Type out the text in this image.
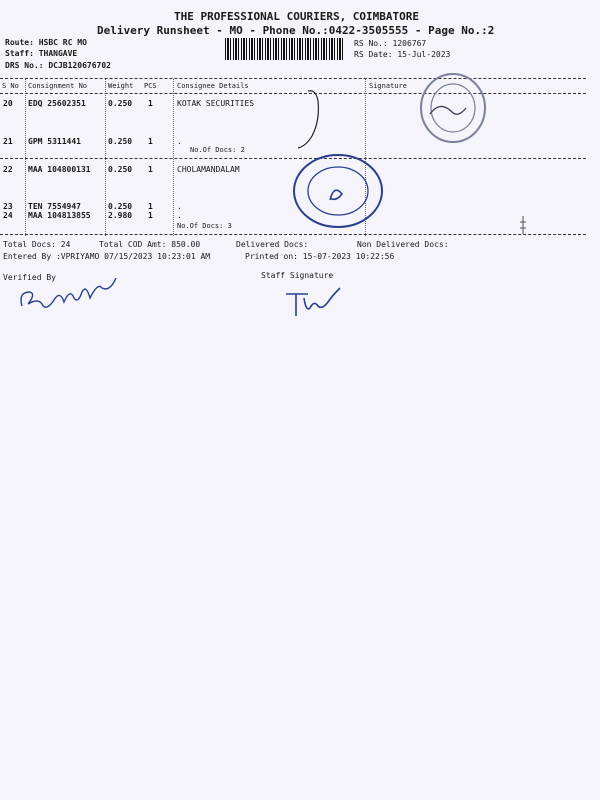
THE PROFESSIONAL COURIERS, COIMBATORE
Delivery Runsheet - MO - Phone No.:0422-3505555 - Page No.:2
Route: HSBC RC MO
Staff: THANGAVE
DRS No.: DCJB120676702
RS No.: 1206767
RS Date: 15-Jul-2023
S No Consignment No	Weight PCS	Consignee Details	Signature
20 EDQ 25602351	0.250 1	KOTAK SECURITIES
21 GPM 5311441	0.250 1	.
No.Of Docs: 2
22 MAA 104800131 0.250 1	CHOLAMANDALAM
23 TEN 7554947	0.250 1	.
24 MAA 104813855 2.980 1	.
No.Of Docs: 3
Total Docs: 24	Total COD Amt: 850.00	Delivered Docs:	Non Delivered Docs:
Entered By :VPRIYAMO 07/15/2023 10:23:01 AM	Printed on: 15-07-2023 10:22:56
Verified By	Staff Signature
